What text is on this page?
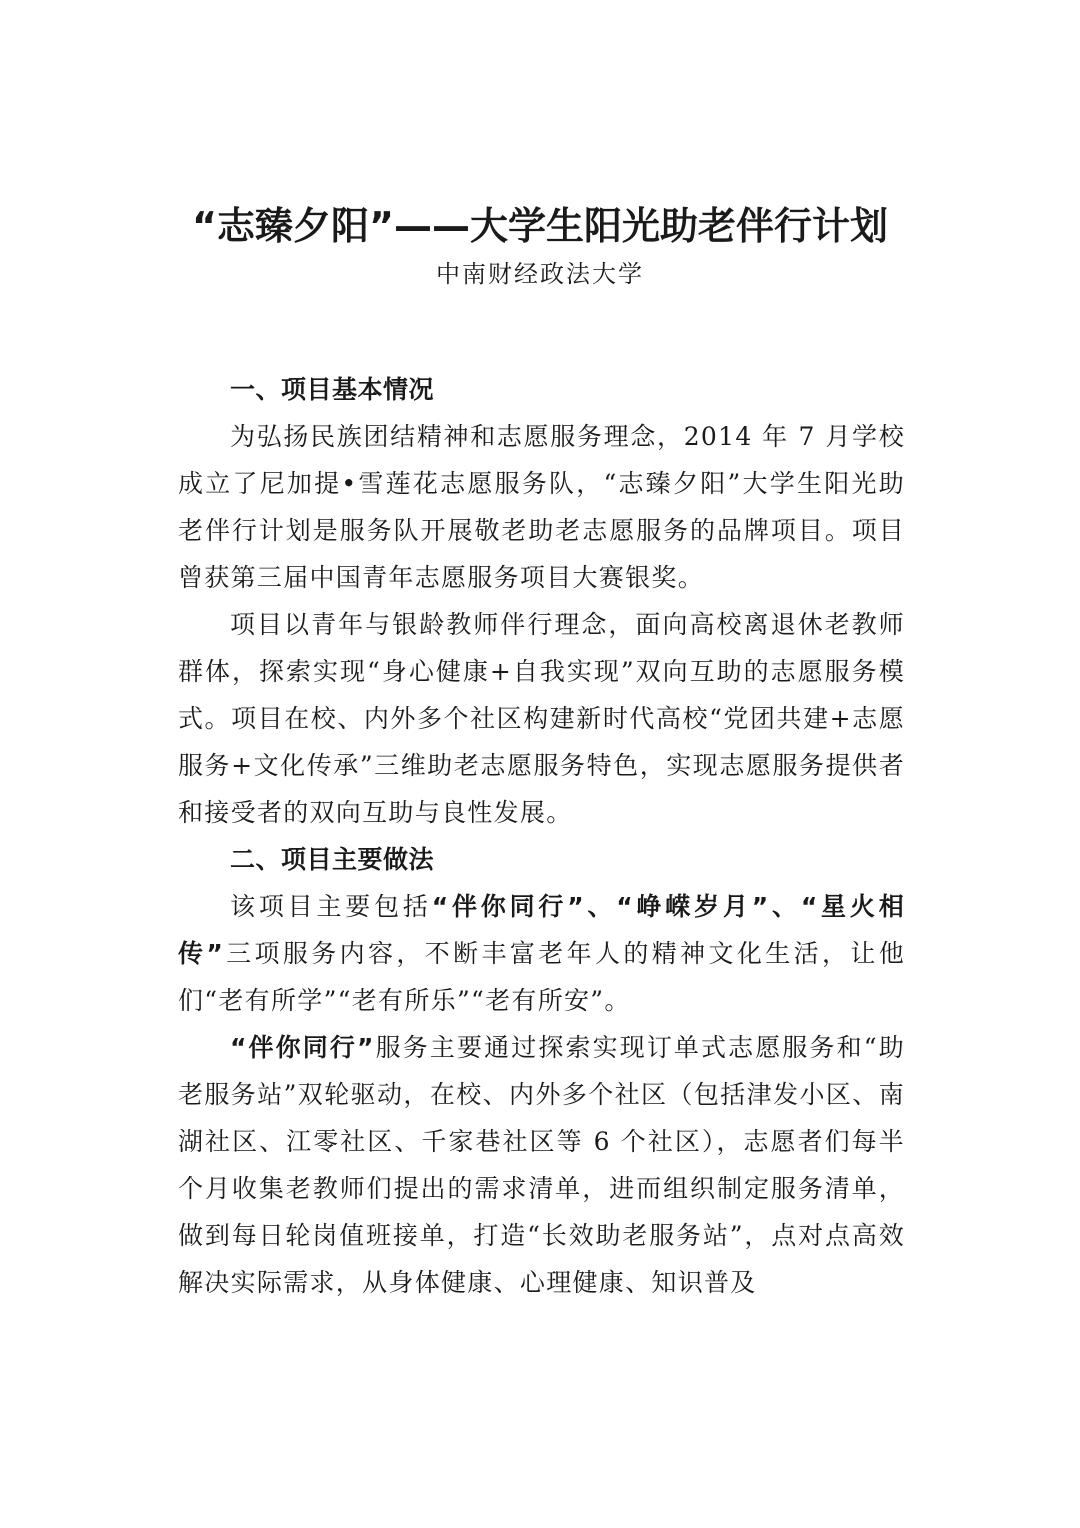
“志臻夕阳”——大学生阳光助老伴行计划
中南财经政法大学

一、项目基本情况

为弘扬民族团结精神和志愿服务理念，2014 年 7 月学校成立了尼加提•雪莲花志愿服务队，“志臻夕阳”大学生阳光助老伴行计划是服务队开展敬老助老志愿服务的品牌项目。项目曾获第三届中国青年志愿服务项目大赛银奖。

项目以青年与银龄教师伴行理念，面向高校离退休老教师群体，探索实现“身心健康+自我实现”双向互助的志愿服务模式。项目在校、内外多个社区构建新时代高校“党团共建+志愿服务+文化传承”三维助老志愿服务特色，实现志愿服务提供者和接受者的双向互助与良性发展。

二、项目主要做法

该项目主要包括“伴你同行”、“峥嵘岁月”、“星火相传”三项服务内容，不断丰富老年人的精神文化生活，让他们“老有所学”“老有所乐”“老有所安”。

“伴你同行”服务主要通过探索实现订单式志愿服务和“助老服务站”双轮驱动，在校、内外多个社区（包括津发小区、南湖社区、江零社区、千家巷社区等 6 个社区），志愿者们每半个月收集老教师们提出的需求清单，进而组织制定服务清单，做到每日轮岗值班接单，打造“长效助老服务站”，点对点高效解决实际需求，从身体健康、心理健康、知识普及
